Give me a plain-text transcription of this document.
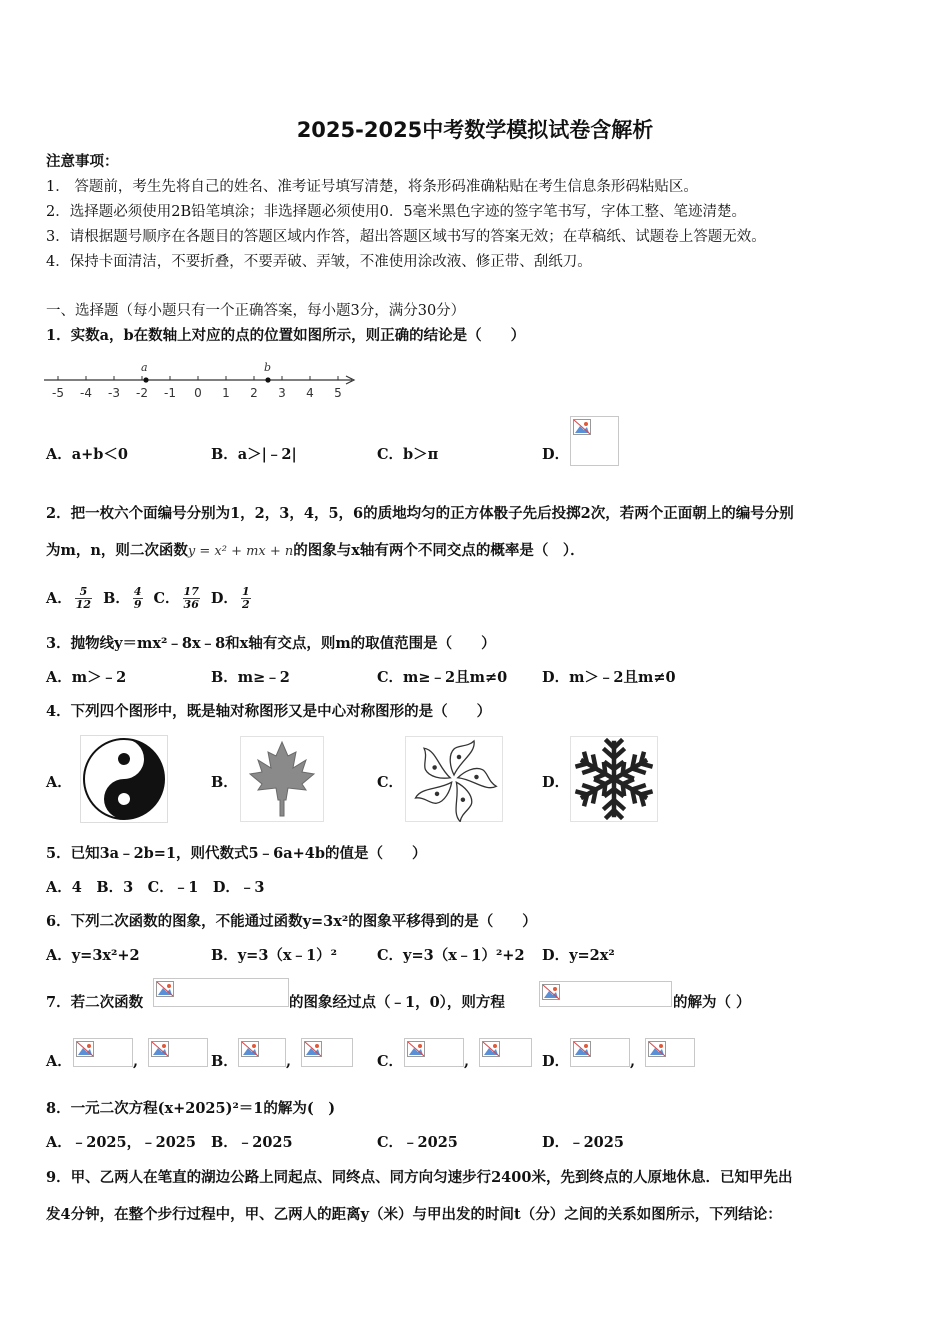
2025-2025中考数学模拟试卷含解析
注意事项：
1． 答题前，考生先将自己的姓名、准考证号填写清楚，将条形码准确粘贴在考生信息条形码粘贴区。
2．选择题必须使用2B铅笔填涂；非选择题必须使用0．5毫米黑色字迹的签字笔书写，字体工整、笔迹清楚。
3．请根据题号顺序在各题目的答题区域内作答，超出答题区域书写的答案无效；在草稿纸、试题卷上答题无效。
4．保持卡面清洁，不要折叠，不要弄破、弄皱，不准使用涂改液、修正带、刮纸刀。
一、选择题（每小题只有一个正确答案，每小题3分，满分30分）
1．实数a，b在数轴上对应的点的位置如图所示，则正确的结论是（　　）
-5 -4 -3 -2 -1 0 1 2 3 4 5
a	b
A．a+b＜0	B．a＞|﹣2|	C．b＞π	D．
2．把一枚六个面编号分别为1，2，3，4，5，6的质地均匀的正方体骰子先后投掷2次，若两个正面朝上的编号分别
为m，n，则二次函数y = x² + mx + n的图象与x轴有两个不同交点的概率是（　）．
A． $\frac{5}{12}$ B． $\frac{4}{9}$ C． $\frac{17}{36}$ D． $\frac{1}{2}$
3．抛物线y＝mx²﹣8x﹣8和x轴有交点，则m的取值范围是（　　）
A．m＞﹣2	B．m≥﹣2	C．m≥﹣2且m≠0 D．m＞﹣2且m≠0
4．下列四个图形中，既是轴对称图形又是中心对称图形的是（　　）
A．	B．	C．	D．
5．已知3a﹣2b=1，则代数式5﹣6a+4b的值是（　　）
A．4　B．3　C．﹣1　D．﹣3
6．下列二次函数的图象，不能通过函数y=3x²的图象平移得到的是（　　）
A．y=3x²+2	B．y=3（x﹣1）²	C．y=3（x﹣1）²+2 D．y=2x²
7．若二次函数	的图象经过点（﹣1，0），则方程	的解为（ ）
A．	,	B．	,	C．	,	D．	,
8．一元二次方程(x+2025)²＝1的解为(　)
A．﹣2025，﹣2025 B．﹣2025	C．﹣2025	D．﹣2025
9．甲、乙两人在笔直的湖边公路上同起点、同终点、同方向匀速步行2400米，先到终点的人原地休息．已知甲先出
发4分钟，在整个步行过程中，甲、乙两人的距离y（米）与甲出发的时间t（分）之间的关系如图所示，下列结论：
